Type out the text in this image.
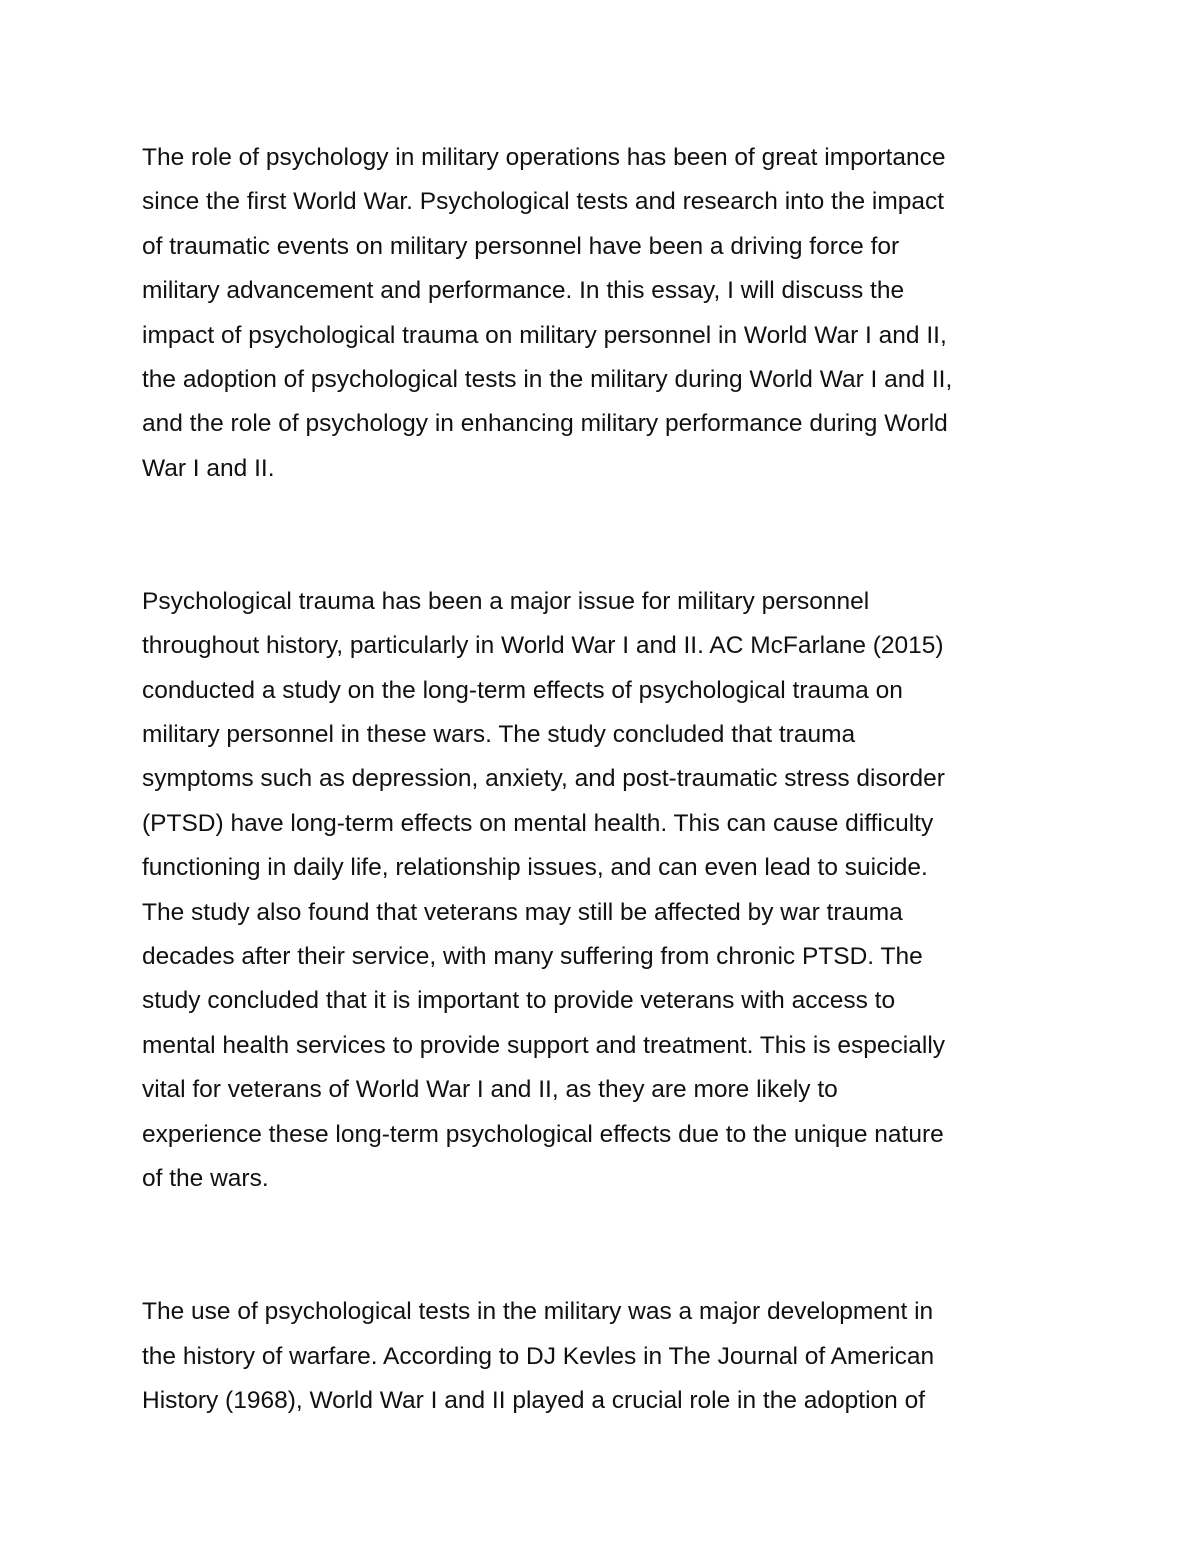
The role of psychology in military operations has been of great importance

since the first World War. Psychological tests and research into the impact

of traumatic events on military personnel have been a driving force for

military advancement and performance. In this essay, I will discuss the

impact of psychological trauma on military personnel in World War I and II,

the adoption of psychological tests in the military during World War I and II,

and the role of psychology in enhancing military performance during World

War I and II.

Psychological trauma has been a major issue for military personnel

throughout history, particularly in World War I and II. AC McFarlane (2015)

conducted a study on the long-term effects of psychological trauma on

military personnel in these wars. The study concluded that trauma

symptoms such as depression, anxiety, and post-traumatic stress disorder

(PTSD) have long-term effects on mental health. This can cause difficulty

functioning in daily life, relationship issues, and can even lead to suicide.

The study also found that veterans may still be affected by war trauma

decades after their service, with many suffering from chronic PTSD. The

study concluded that it is important to provide veterans with access to

mental health services to provide support and treatment. This is especially

vital for veterans of World War I and II, as they are more likely to

experience these long-term psychological effects due to the unique nature

of the wars.

The use of psychological tests in the military was a major development in

the history of warfare. According to DJ Kevles in The Journal of American

History (1968), World War I and II played a crucial role in the adoption of
